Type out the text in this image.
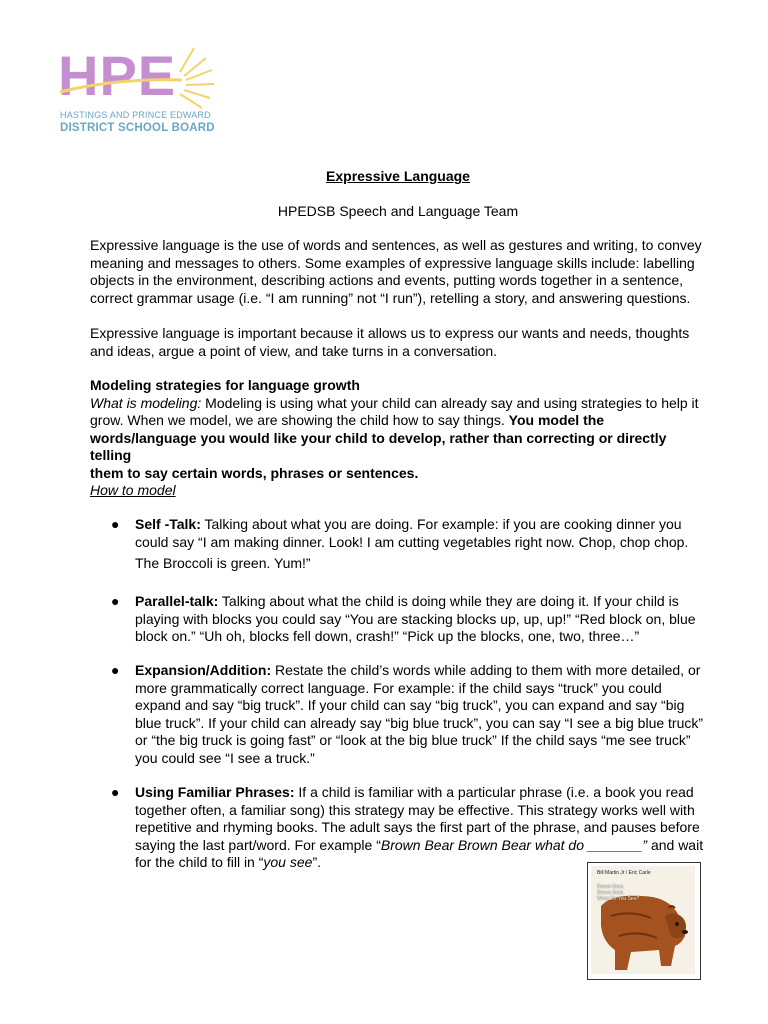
HPE
HASTINGS AND PRINCE EDWARD
DISTRICT SCHOOL BOARD
Expressive Language
HPEDSB Speech and Language Team
Expressive language is the use of words and sentences, as well as gestures and writing, to convey
meaning and messages to others. Some examples of expressive language skills include: labelling
objects in the environment, describing actions and events, putting words together in a sentence,
correct grammar usage (i.e. “I am running” not “I run”), retelling a story, and answering questions.
Expressive language is important because it allows us to express our wants and needs, thoughts
and ideas, argue a point of view, and take turns in a conversation.
Modeling strategies for language growth
What is modeling: Modeling is using what your child can already say and using strategies to help it
grow. When we model, we are showing the child how to say things. You model the
words/language you would like your child to develop, rather than correcting or directly telling
them to say certain words, phrases or sentences.
How to model
● Self -Talk: Talking about what you are doing. For example: if you are cooking dinner you
could say “I am making dinner. Look! I am cutting vegetables right now. Chop, chop chop.
The Broccoli is green. Yum!”
● Parallel-talk: Talking about what the child is doing while they are doing it. If your child is
playing with blocks you could say “You are stacking blocks up, up, up!” “Red block on, blue
block on.” “Uh oh, blocks fell down, crash!” “Pick up the blocks, one, two, three…”
● Expansion/Addition: Restate the child’s words while adding to them with more detailed, or
more grammatically correct language. For example: if the child says “truck” you could
expand and say “big truck”. If your child can say “big truck”, you can expand and say “big
blue truck”. If your child can already say “big blue truck”, you can say “I see a big blue truck”
or “the big truck is going fast” or “look at the big blue truck” If the child says “me see truck”
you could see “I see a truck.”
● Using Familiar Phrases: If a child is familiar with a particular phrase (i.e. a book you read
together often, a familiar song) this strategy may be effective. This strategy works well with
repetitive and rhyming books. The adult says the first part of the phrase, and pauses before
saying the last part/word. For example “Brown Bear Brown Bear what do _______” and wait
for the child to fill in “you see”.
Bill Martin Jr / Eric Carle
Brown Bear,
Brown Bear,
What Do You See?
